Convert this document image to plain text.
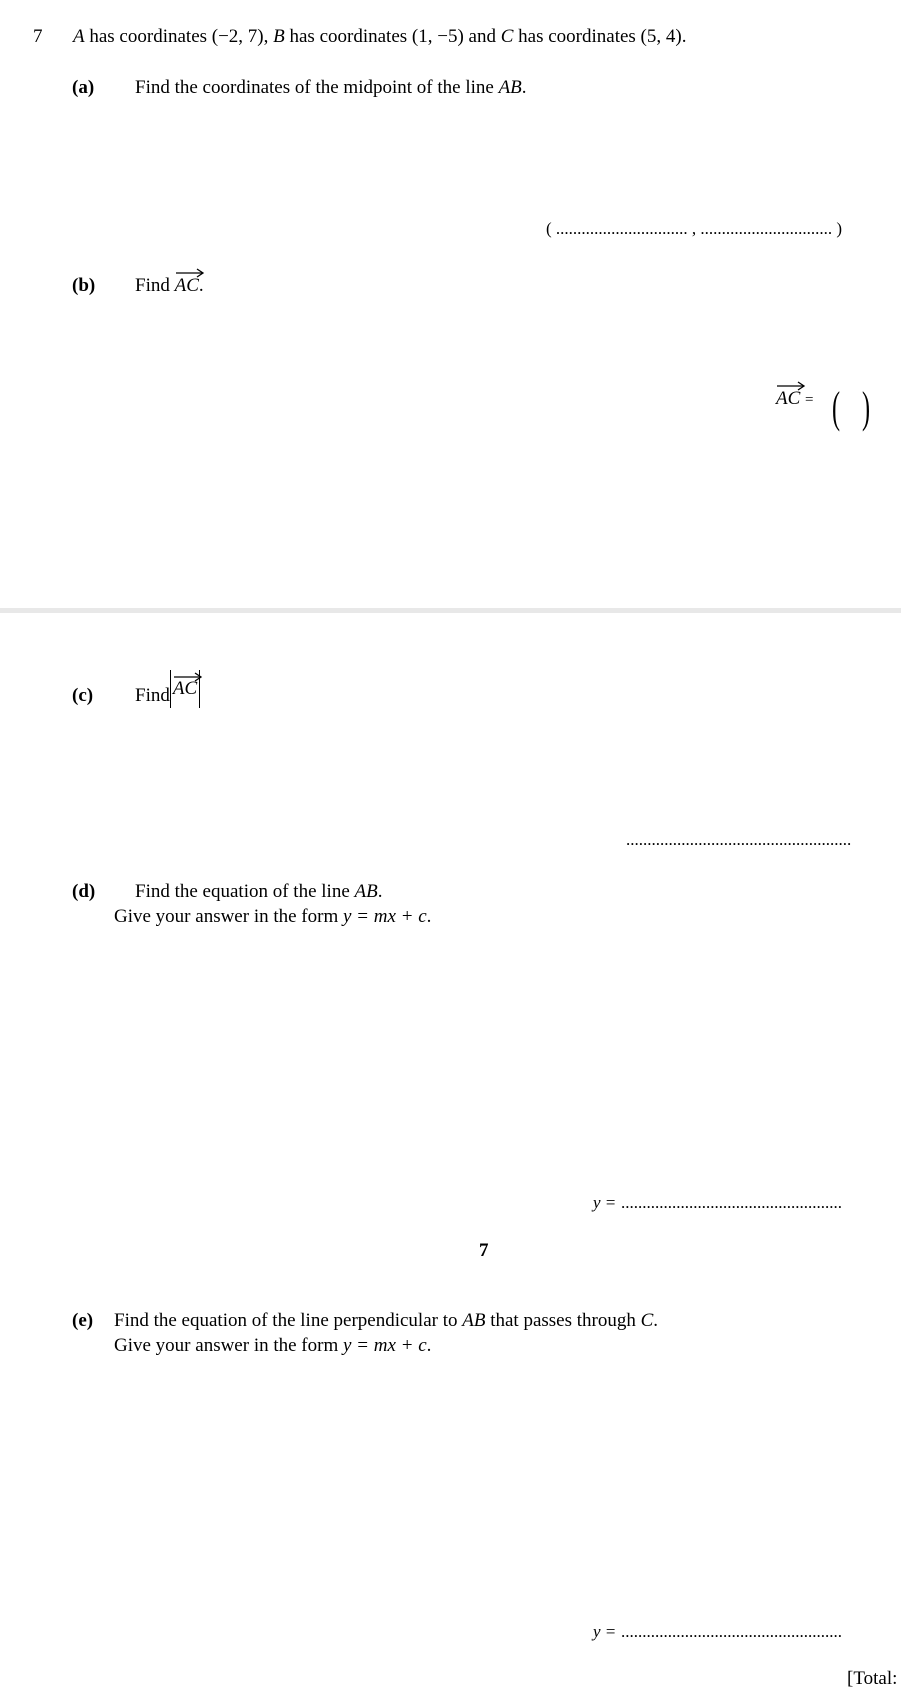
7 A has coordinates (−2, 7), B has coordinates (1, −5) and C has coordinates (5, 4).
(a) Find the coordinates of the midpoint of the line AB.
( ............................... , ............................... )
(b) Find
AC.
AC = ( )
(c) Find AC
.....................................................
(d) Find the equation of the line AB.
Give your answer in the form y = mx + c.
y = ....................................................
7
(e) Find the equation of the line perpendicular to AB that passes through C.
Give your answer in the form y = mx + c.
y = ....................................................
[Total:
